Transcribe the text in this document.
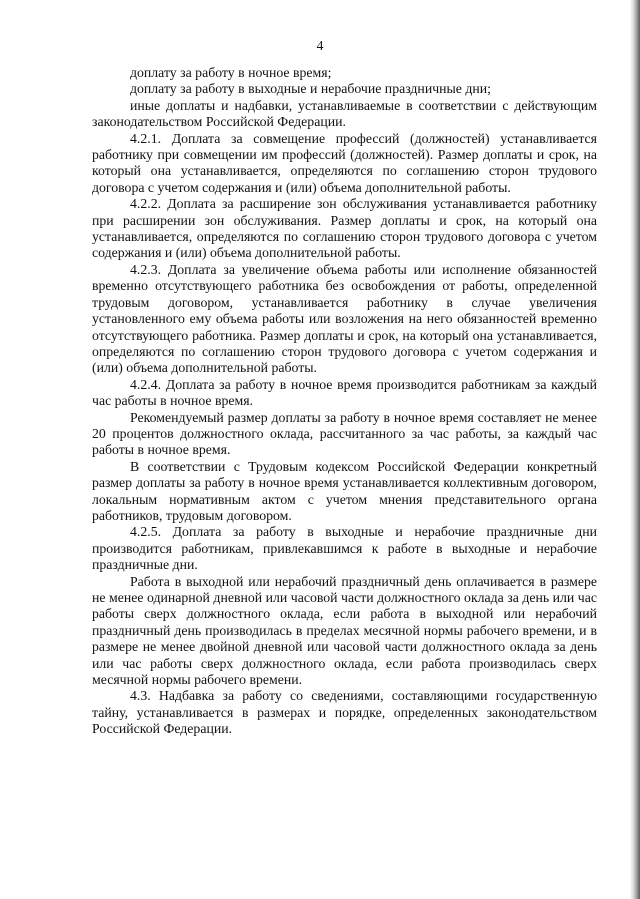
4

доплату за работу в ночное время;

доплату за работу в выходные и нерабочие праздничные дни;

иные доплаты и надбавки, устанавливаемые в соответствии с действующим законодательством Российской Федерации.

4.2.1. Доплата за совмещение профессий (должностей) устанавливается работнику при совмещении им профессий (должностей). Размер доплаты и срок, на который она устанавливается, определяются по соглашению сторон трудового договора с учетом содержания и (или) объема дополнительной работы.

4.2.2. Доплата за расширение зон обслуживания устанавливается работнику при расширении зон обслуживания. Размер доплаты и срок, на который она устанавливается, определяются по соглашению сторон трудового договора с учетом содержания и (или) объема дополнительной работы.

4.2.3. Доплата за увеличение объема работы или исполнение обязанностей временно отсутствующего работника без освобождения от работы, определенной трудовым договором, устанавливается работнику в случае увеличения установленного ему объема работы или возложения на него обязанностей временно отсутствующего работника. Размер доплаты и срок, на который она устанавливается, определяются по соглашению сторон трудового договора с учетом содержания и (или) объема дополнительной работы.

4.2.4. Доплата за работу в ночное время производится работникам за каждый час работы в ночное время.

Рекомендуемый размер доплаты за работу в ночное время составляет не менее 20 процентов должностного оклада, рассчитанного за час работы, за каждый час работы в ночное время.

В соответствии с Трудовым кодексом Российской Федерации конкретный размер доплаты за работу в ночное время устанавливается коллективным договором, локальным нормативным актом с учетом мнения представительного органа работников, трудовым договором.

4.2.5. Доплата за работу в выходные и нерабочие праздничные дни производится работникам, привлекавшимся к работе в выходные и нерабочие праздничные дни.

Работа в выходной или нерабочий праздничный день оплачивается в размере не менее одинарной дневной или часовой части должностного оклада за день или час работы сверх должностного оклада, если работа в выходной или нерабочий праздничный день производилась в пределах месячной нормы рабочего времени, и в размере не менее двойной дневной или часовой части должностного оклада за день или час работы сверх должностного оклада, если работа производилась сверх месячной нормы рабочего времени.

4.3. Надбавка за работу со сведениями, составляющими государственную тайну, устанавливается в размерах и порядке, определенных законодательством Российской Федерации.
